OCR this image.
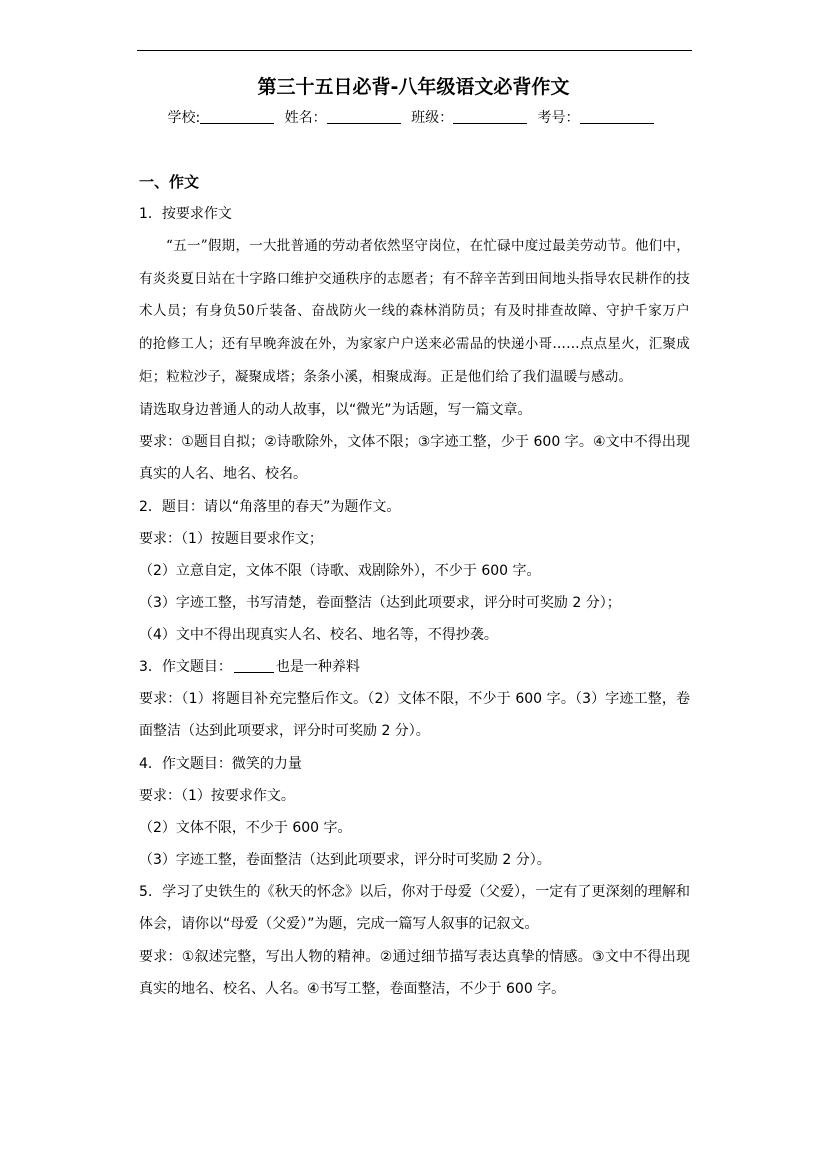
第三十五日必背-八年级语文必背作文
学校:	姓名：	班级：	考号：
一、作文
1．按要求作文
“五一”假期，一大批普通的劳动者依然坚守岗位，在忙碌中度过最美劳动节。他们中，有炎炎夏日站在十字路口维护交通秩序的志愿者；有不辞辛苦到田间地头指导农民耕作的技术人员；有身负50斤装备、奋战防火一线的森林消防员；有及时排查故障、守护千家万户的抢修工人；还有早晚奔波在外，为家家户户送来必需品的快递小哥……点点星火，汇聚成炬；粒粒沙子，凝聚成塔；条条小溪，相聚成海。正是他们给了我们温暖与感动。
请选取身边普通人的动人故事，以“微光”为话题，写一篇文章。
要求：①题目自拟；②诗歌除外，文体不限；③字迹工整，少于 600 字。④文中不得出现真实的人名、地名、校名。
2．题目：请以“角落里的春天”为题作文。
要求：（1）按题目要求作文；
（2）立意自定，文体不限（诗歌、戏剧除外），不少于 600 字。
（3）字迹工整，书写清楚，卷面整洁（达到此项要求，评分时可奖励 2 分）；
（4）文中不得出现真实人名、校名、地名等，不得抄袭。
3．作文题目：	也是一种养料
要求：（1）将题目补充完整后作文。（2）文体不限，不少于 600 字。（3）字迹工整，卷面整洁（达到此项要求，评分时可奖励 2 分）。
4．作文题目：微笑的力量
要求：（1）按要求作文。
（2）文体不限，不少于 600 字。
（3）字迹工整，卷面整洁（达到此项要求，评分时可奖励 2 分）。
5．学习了史铁生的《秋天的怀念》以后，你对于母爱（父爱），一定有了更深刻的理解和体会，请你以“母爱（父爱）”为题，完成一篇写人叙事的记叙文。
要求：①叙述完整，写出人物的精神。②通过细节描写表达真挚的情感。③文中不得出现真实的地名、校名、人名。④书写工整，卷面整洁，不少于 600 字。
